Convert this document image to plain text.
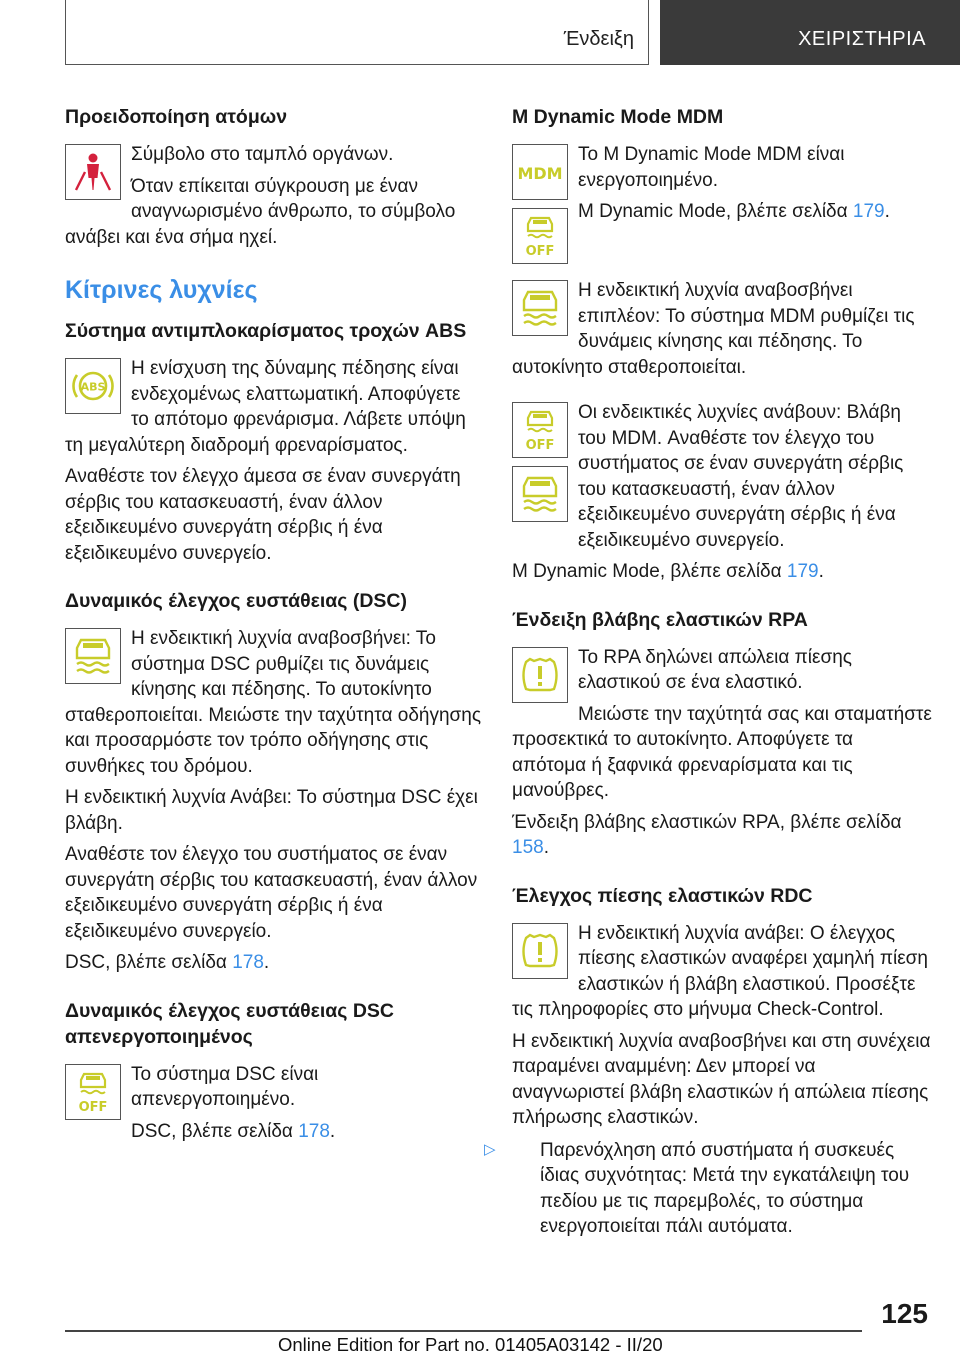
Ένδειξη	ΧΕΙΡΙΣΤΗΡΙΑ
Προειδοποίηση ατόμων

Σύμβολο στο ταμπλό οργάνων.

Όταν επίκειται σύγκρουση με έναν αναγνωρισμένο άνθρωπο, το σύμβολο ανάβει και ένα σήμα ηχεί.

Κίτρινες λυχνίες
Σύστημα αντιμπλοκαρίσματος τροχών ABS
ABS

Η ενίσχυση της δύναμης πέδησης είναι ενδεχομένως ελαττωματική. Αποφύγετε το απότομο φρενάρισμα. Λάβετε υπόψη τη μεγαλύτερη διαδρομή φρεναρίσματος.

Αναθέστε τον έλεγχο άμεσα σε έναν συνεργάτη σέρβις του κατασκευαστή, έναν άλλον εξειδικευμένο συνεργάτη σέρβις ή ένα εξειδικευμένο συνεργείο.

Δυναμικός έλεγχος ευστάθειας (DSC)

Η ενδεικτική λυχνία αναβοσβήνει: Το σύστημα DSC ρυθμίζει τις δυνάμεις κίνησης και πέδησης. Το αυτοκίνητο σταθεροποιείται. Μειώστε την ταχύτητα οδήγησης και προσαρμόστε τον τρόπο οδήγησης στις συνθήκες του δρόμου.

Η ενδεικτική λυχνία Ανάβει: Το σύστημα DSC έχει βλάβη.

Αναθέστε τον έλεγχο του συστήματος σε έναν συνεργάτη σέρβις του κατασκευαστή, έναν άλλον εξειδικευμένο συνεργάτη σέρβις ή ένα εξειδικευμένο συνεργείο.

DSC, βλέπε σελίδα 178.

Δυναμικός έλεγχος ευστάθειας DSC απενεργοποιημένος
OFF

Το σύστημα DSC είναι απενεργοποιημένο.

DSC, βλέπε σελίδα 178.

M Dynamic Mode MDM
MDM
OFF

Το M Dynamic Mode MDM είναι ενεργοποιημένο.

M Dynamic Mode, βλέπε σελίδα 179.

Η ενδεικτική λυχνία αναβοσβήνει επιπλέον: Το σύστημα MDM ρυθμίζει τις δυνάμεις κίνησης και πέδησης. Το αυτοκίνητο σταθεροποιείται.

OFF

Οι ενδεικτικές λυχνίες ανάβουν: Βλάβη του MDM. Αναθέστε τον έλεγχο του συστήματος σε έναν συνεργάτη σέρβις του κατασκευαστή, έναν άλλον εξειδικευμένο συνεργάτη σέρβις ή ένα εξειδικευμένο συνεργείο.

M Dynamic Mode, βλέπε σελίδα 179.

Ένδειξη βλάβης ελαστικών RPA

Το RPA δηλώνει απώλεια πίεσης ελαστικού σε ένα ελαστικό.

Μειώστε την ταχύτητά σας και σταματήστε προσεκτικά το αυτοκίνητο. Αποφύγετε τα απότομα ή ξαφνικά φρεναρίσματα και τις μανούβρες.

Ένδειξη βλάβης ελαστικών RPA, βλέπε σελίδα 158.

Έλεγχος πίεσης ελαστικών RDC

Η ενδεικτική λυχνία ανάβει: Ο έλεγχος πίεσης ελαστικών αναφέρει χαμηλή πίεση ελαστικών ή βλάβη ελαστικού. Προσέξτε τις πληροφορίες στο μήνυμα Check-Control.

Η ενδεικτική λυχνία αναβοσβήνει και στη συνέχεια παραμένει αναμμένη: Δεν μπορεί να αναγνωριστεί βλάβη ελαστικών ή απώλεια πίεσης πλήρωσης ελαστικών.

▷ Παρενόχληση από συστήματα ή συσκευές ίδιας συχνότητας: Μετά την εγκατάλειψη του πεδίου με τις παρεμβολές, το σύστημα ενεργοποιείται πάλι αυτόματα.

125
Online Edition for Part no. 01405A03142 - II/20
